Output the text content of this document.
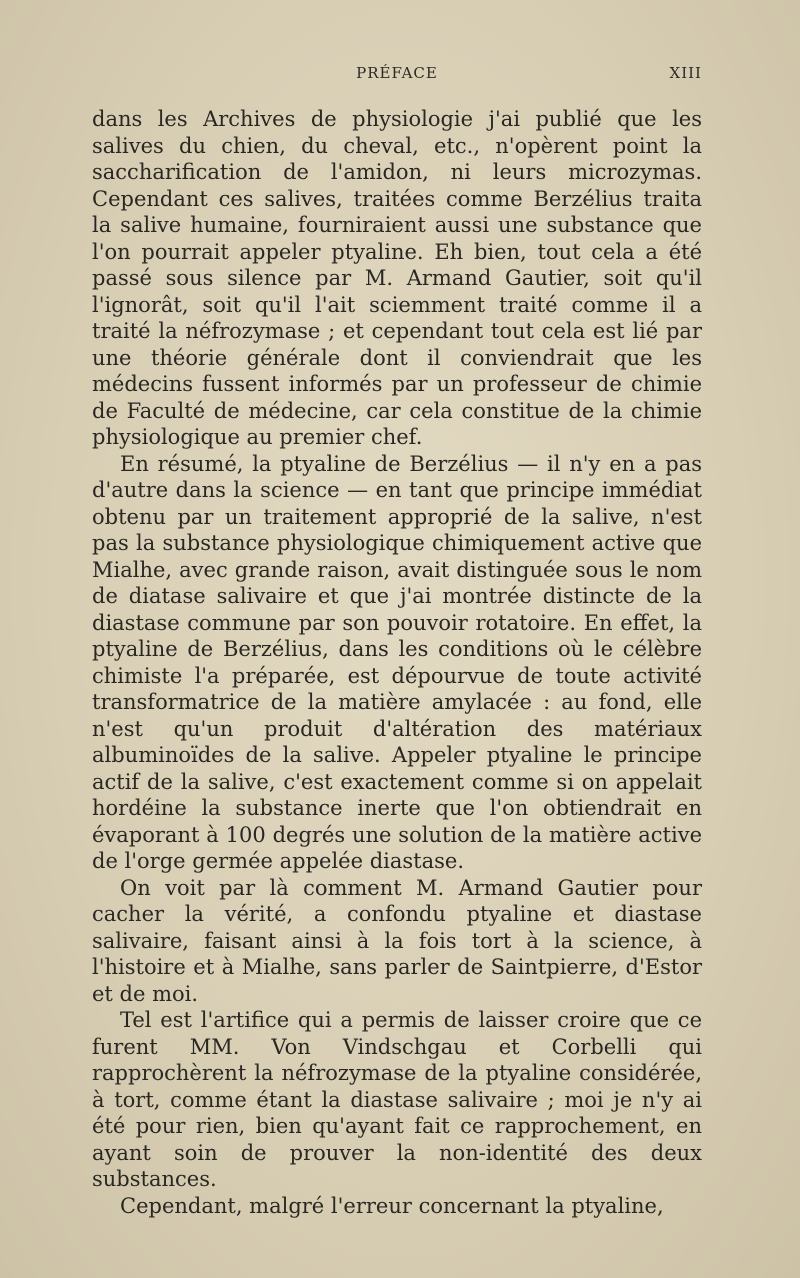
PRÉFACE	XIII

dans les Archives de physiologie j'ai publié que les salives du chien, du cheval, etc., n'opèrent point la saccharification de l'amidon, ni leurs microzymas. Cependant ces salives, traitées comme Berzélius traita la salive humaine, fourniraient aussi une substance que l'on pourrait appeler ptyaline. Eh bien, tout cela a été passé sous silence par M. Armand Gautier, soit qu'il l'ignorât, soit qu'il l'ait sciemment traité comme il a traité la néfrozymase ; et cependant tout cela est lié par une théorie générale dont il conviendrait que les médecins fussent informés par un professeur de chimie de Faculté de médecine, car cela constitue de la chimie physiologique au premier chef.

En résumé, la ptyaline de Berzélius — il n'y en a pas d'autre dans la science — en tant que principe immédiat obtenu par un traitement approprié de la salive, n'est pas la substance physiologique chimiquement active que Mialhe, avec grande raison, avait distinguée sous le nom de diatase salivaire et que j'ai montrée distincte de la diastase commune par son pouvoir rotatoire. En effet, la ptyaline de Berzélius, dans les conditions où le célèbre chimiste l'a préparée, est dépourvue de toute activité transformatrice de la matière amylacée : au fond, elle n'est qu'un produit d'altération des matériaux albuminoïdes de la salive. Appeler ptyaline le principe actif de la salive, c'est exactement comme si on appelait hordéine la substance inerte que l'on obtiendrait en évaporant à 100 degrés une solution de la matière active de l'orge germée appelée diastase.

On voit par là comment M. Armand Gautier pour cacher la vérité, a confondu ptyaline et diastase salivaire, faisant ainsi à la fois tort à la science, à l'histoire et à Mialhe, sans parler de Saintpierre, d'Estor et de moi.

Tel est l'artifice qui a permis de laisser croire que ce furent MM. Von Vindschgau et Corbelli qui rapprochèrent la néfrozymase de la ptyaline considérée, à tort, comme étant la diastase salivaire ; moi je n'y ai été pour rien, bien qu'ayant fait ce rapprochement, en ayant soin de prouver la non-identité des deux substances.

Cependant, malgré l'erreur concernant la ptyaline,
